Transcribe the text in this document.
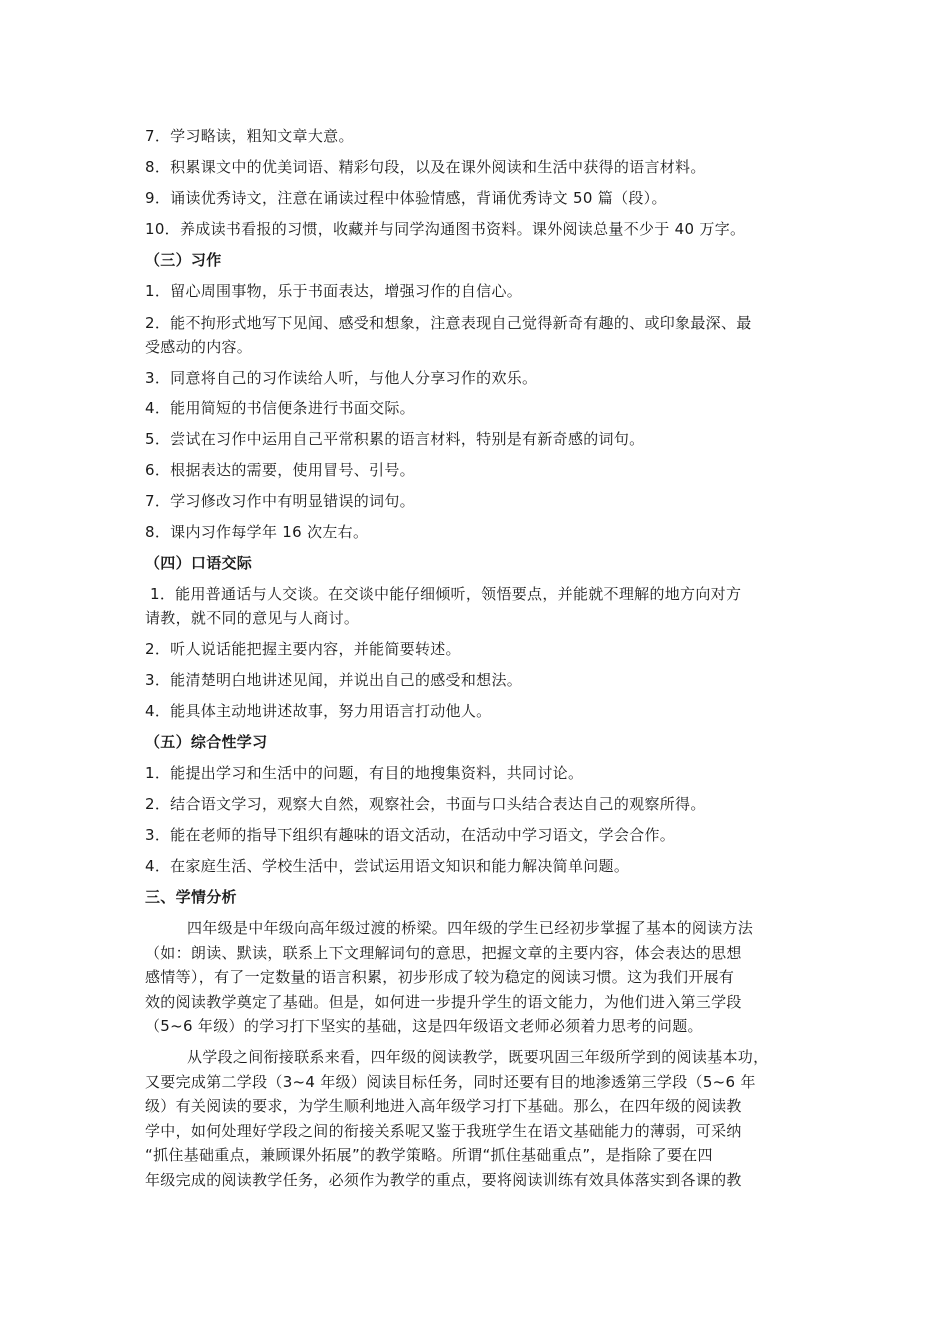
7．学习略读，粗知文章大意。
8．积累课文中的优美词语、精彩句段，以及在课外阅读和生活中获得的语言材料。
9．诵读优秀诗文，注意在诵读过程中体验情感，背诵优秀诗文 50 篇（段）。
10．养成读书看报的习惯，收藏并与同学沟通图书资料。课外阅读总量不少于 40 万字。
（三）习作
1．留心周围事物，乐于书面表达，增强习作的自信心。
2．能不拘形式地写下见闻、感受和想象，注意表现自己觉得新奇有趣的、或印象最深、最
受感动的内容。
3．同意将自己的习作读给人听，与他人分享习作的欢乐。
4．能用简短的书信便条进行书面交际。
5．尝试在习作中运用自己平常积累的语言材料，特别是有新奇感的词句。
6．根据表达的需要，使用冒号、引号。
7．学习修改习作中有明显错误的词句。
8．课内习作每学年 16 次左右。
（四）口语交际
1．能用普通话与人交谈。在交谈中能仔细倾听，领悟要点，并能就不理解的地方向对方
请教，就不同的意见与人商讨。
2．听人说话能把握主要内容，并能简要转述。
3．能清楚明白地讲述见闻，并说出自己的感受和想法。
4．能具体主动地讲述故事，努力用语言打动他人。
（五）综合性学习
1．能提出学习和生活中的问题，有目的地搜集资料，共同讨论。
2．结合语文学习，观察大自然，观察社会，书面与口头结合表达自己的观察所得。
3．能在老师的指导下组织有趣味的语文活动，在活动中学习语文，学会合作。
4．在家庭生活、学校生活中，尝试运用语文知识和能力解决简单问题。
三、学情分析
四年级是中年级向高年级过渡的桥梁。四年级的学生已经初步掌握了基本的阅读方法
（如：朗读、默读，联系上下文理解词句的意思，把握文章的主要内容，体会表达的思想
感情等），有了一定数量的语言积累，初步形成了较为稳定的阅读习惯。这为我们开展有
效的阅读教学奠定了基础。但是，如何进一步提升学生的语文能力，为他们进入第三学段
（5~6 年级）的学习打下坚实的基础，这是四年级语文老师必须着力思考的问题。
从学段之间衔接联系来看，四年级的阅读教学，既要巩固三年级所学到的阅读基本功，
又要完成第二学段（3~4 年级）阅读目标任务，同时还要有目的地渗透第三学段（5~6 年
级）有关阅读的要求，为学生顺利地进入高年级学习打下基础。那么，在四年级的阅读教
学中，如何处理好学段之间的衔接关系呢又鉴于我班学生在语文基础能力的薄弱，可采纳
“抓住基础重点，兼顾课外拓展”的教学策略。所谓“抓住基础重点”，是指除了要在四
年级完成的阅读教学任务，必须作为教学的重点，要将阅读训练有效具体落实到各课的教
